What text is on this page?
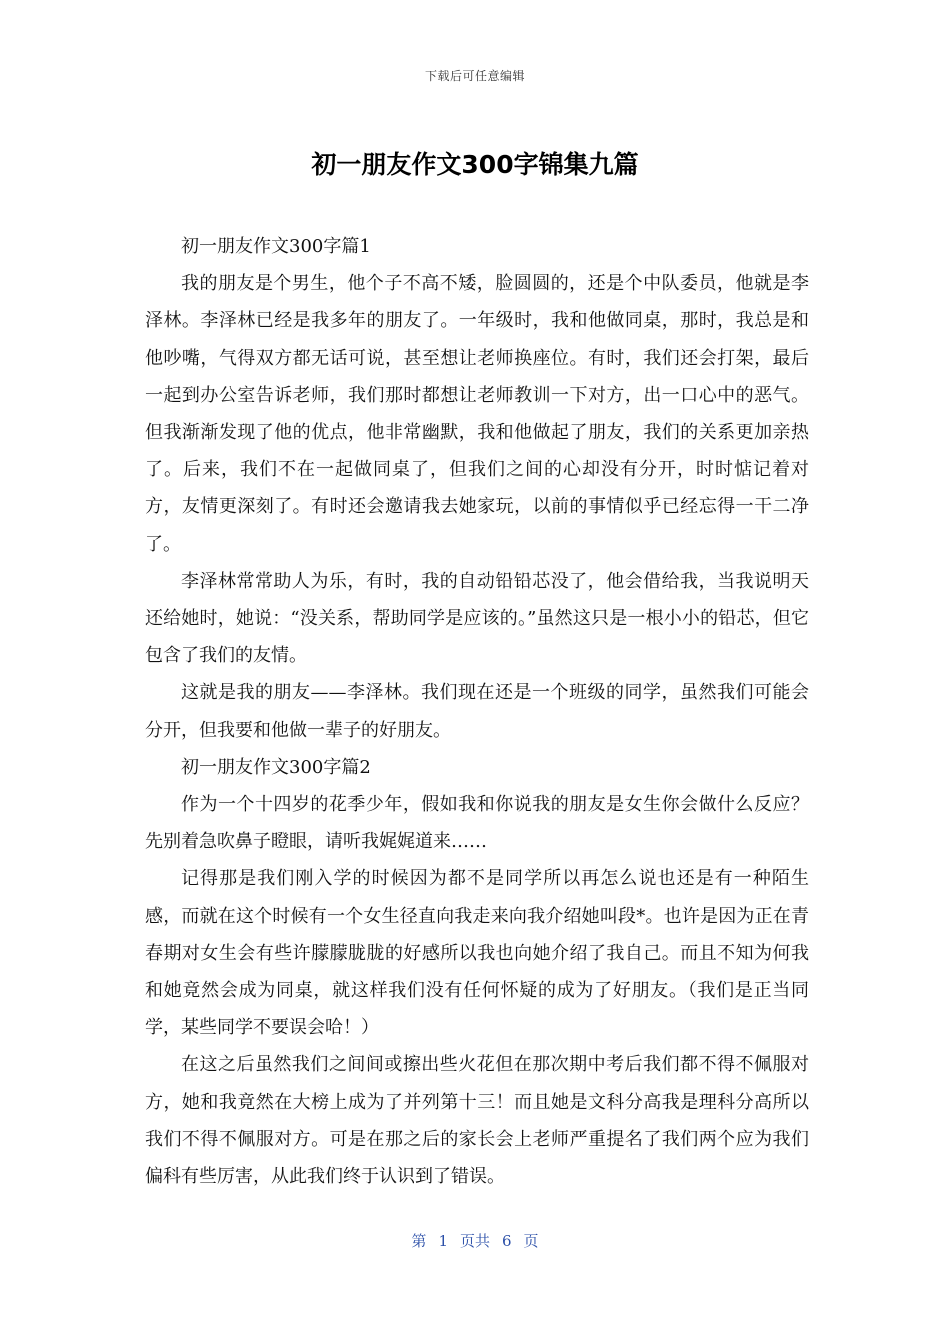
下载后可任意编辑
初一朋友作文300字锦集九篇

初一朋友作文300字篇1

我的朋友是个男生，他个子不高不矮，脸圆圆的，还是个中队委员，他就是李泽林。李泽林已经是我多年的朋友了。一年级时，我和他做同桌，那时，我总是和他吵嘴，气得双方都无话可说，甚至想让老师换座位。有时，我们还会打架，最后一起到办公室告诉老师，我们那时都想让老师教训一下对方，出一口心中的恶气。但我渐渐发现了他的优点，他非常幽默，我和他做起了朋友，我们的关系更加亲热了。后来，我们不在一起做同桌了，但我们之间的心却没有分开，时时惦记着对方，友情更深刻了。有时还会邀请我去她家玩，以前的事情似乎已经忘得一干二净了。

李泽林常常助人为乐，有时，我的自动铅铅芯没了，他会借给我，当我说明天还给她时，她说：“没关系，帮助同学是应该的。”虽然这只是一根小小的铅芯，但它包含了我们的友情。

这就是我的朋友——李泽林。我们现在还是一个班级的同学，虽然我们可能会分开，但我要和他做一辈子的好朋友。

初一朋友作文300字篇2

作为一个十四岁的花季少年，假如我和你说我的朋友是女生你会做什么反应？先别着急吹鼻子瞪眼，请听我娓娓道来……

记得那是我们刚入学的时候因为都不是同学所以再怎么说也还是有一种陌生感，而就在这个时候有一个女生径直向我走来向我介绍她叫段*。也许是因为正在青春期对女生会有些许朦朦胧胧的好感所以我也向她介绍了我自己。而且不知为何我和她竟然会成为同桌，就这样我们没有任何怀疑的成为了好朋友。（我们是正当同学，某些同学不要误会哈！）

在这之后虽然我们之间间或擦出些火花但在那次期中考后我们都不得不佩服对方，她和我竟然在大榜上成为了并列第十三！而且她是文科分高我是理科分高所以我们不得不佩服对方。可是在那之后的家长会上老师严重提名了我们两个应为我们偏科有些厉害，从此我们终于认识到了错误。

第 1 页共 6 页
